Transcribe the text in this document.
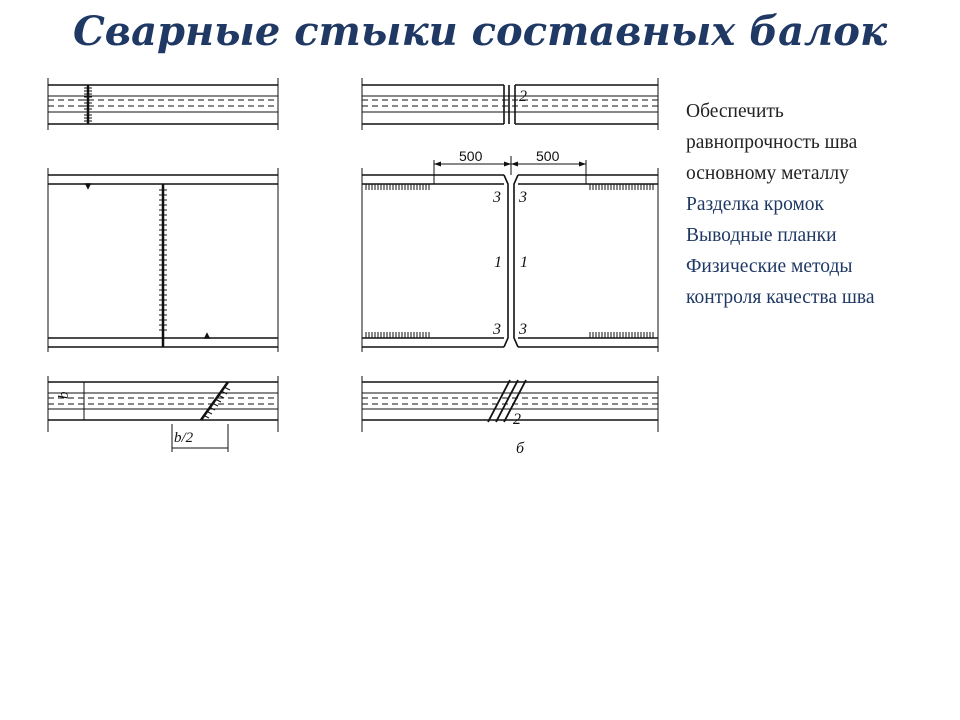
Сварные стыки составных балок
Обеспечить
равнопрочность шва
основному металлу
Разделка кромок
Выводные планки
Физические методы
контроля качества шва
b
b/2
500	500
2
3 3
1 1
3 3
2
б
